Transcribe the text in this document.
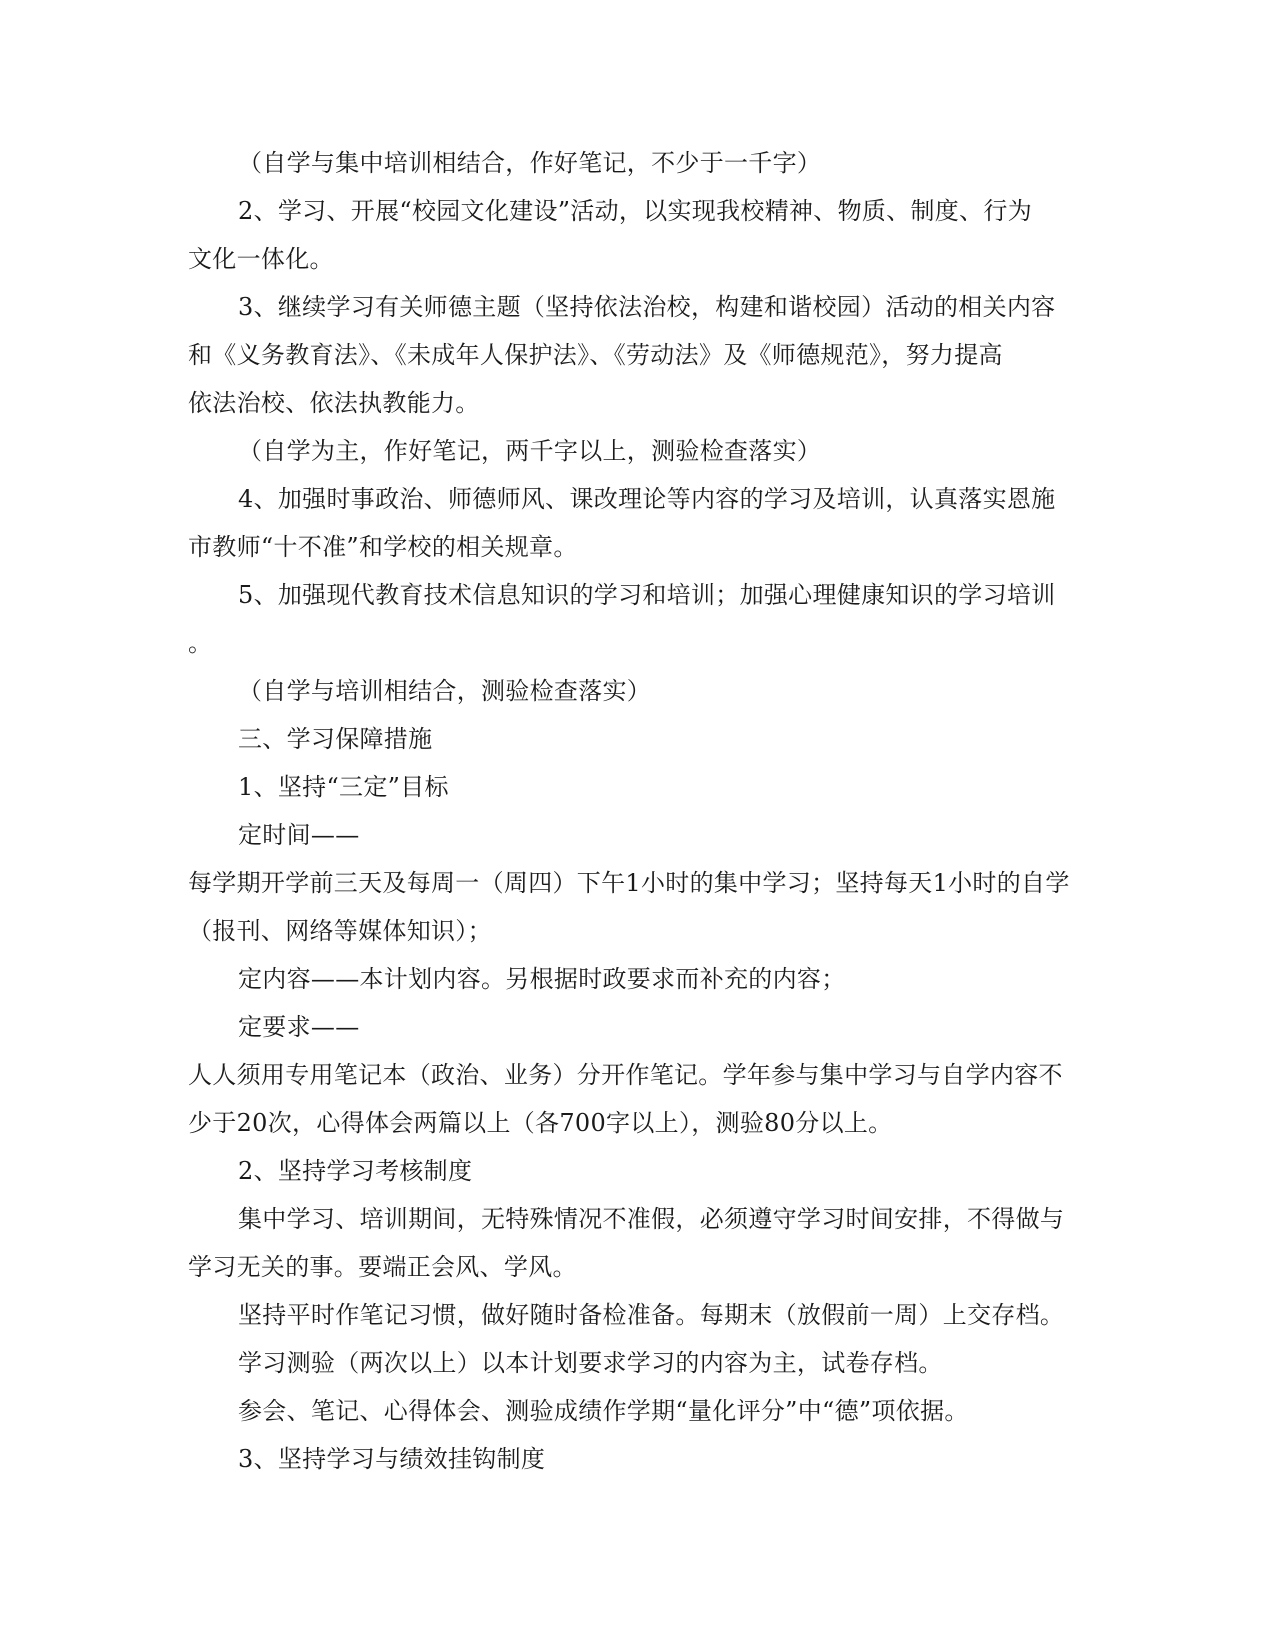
（自学与集中培训相结合，作好笔记，不少于一千字）
2、学习、开展“校园文化建设”活动，以实现我校精神、物质、制度、行为
文化一体化。
3、继续学习有关师德主题（坚持依法治校，构建和谐校园）活动的相关内容
和《义务教育法》、《未成年人保护法》、《劳动法》及《师德规范》，努力提高
依法治校、依法执教能力。
（自学为主，作好笔记，两千字以上，测验检查落实）
4、加强时事政治、师德师风、课改理论等内容的学习及培训，认真落实恩施
市教师“十不准”和学校的相关规章。
5、加强现代教育技术信息知识的学习和培训；加强心理健康知识的学习培训
。
（自学与培训相结合，测验检查落实）
三、学习保障措施
1、坚持“三定”目标
定时间——
每学期开学前三天及每周一（周四）下午1小时的集中学习；坚持每天1小时的自学
（报刊、网络等媒体知识）；
定内容——本计划内容。另根据时政要求而补充的内容；
定要求——
人人须用专用笔记本（政治、业务）分开作笔记。学年参与集中学习与自学内容不
少于20次，心得体会两篇以上（各700字以上），测验80分以上。
2、坚持学习考核制度
集中学习、培训期间，无特殊情况不准假，必须遵守学习时间安排，不得做与
学习无关的事。要端正会风、学风。
坚持平时作笔记习惯，做好随时备检准备。每期末（放假前一周）上交存档。
学习测验（两次以上）以本计划要求学习的内容为主，试卷存档。
参会、笔记、心得体会、测验成绩作学期“量化评分”中“德”项依据。
3、坚持学习与绩效挂钩制度
